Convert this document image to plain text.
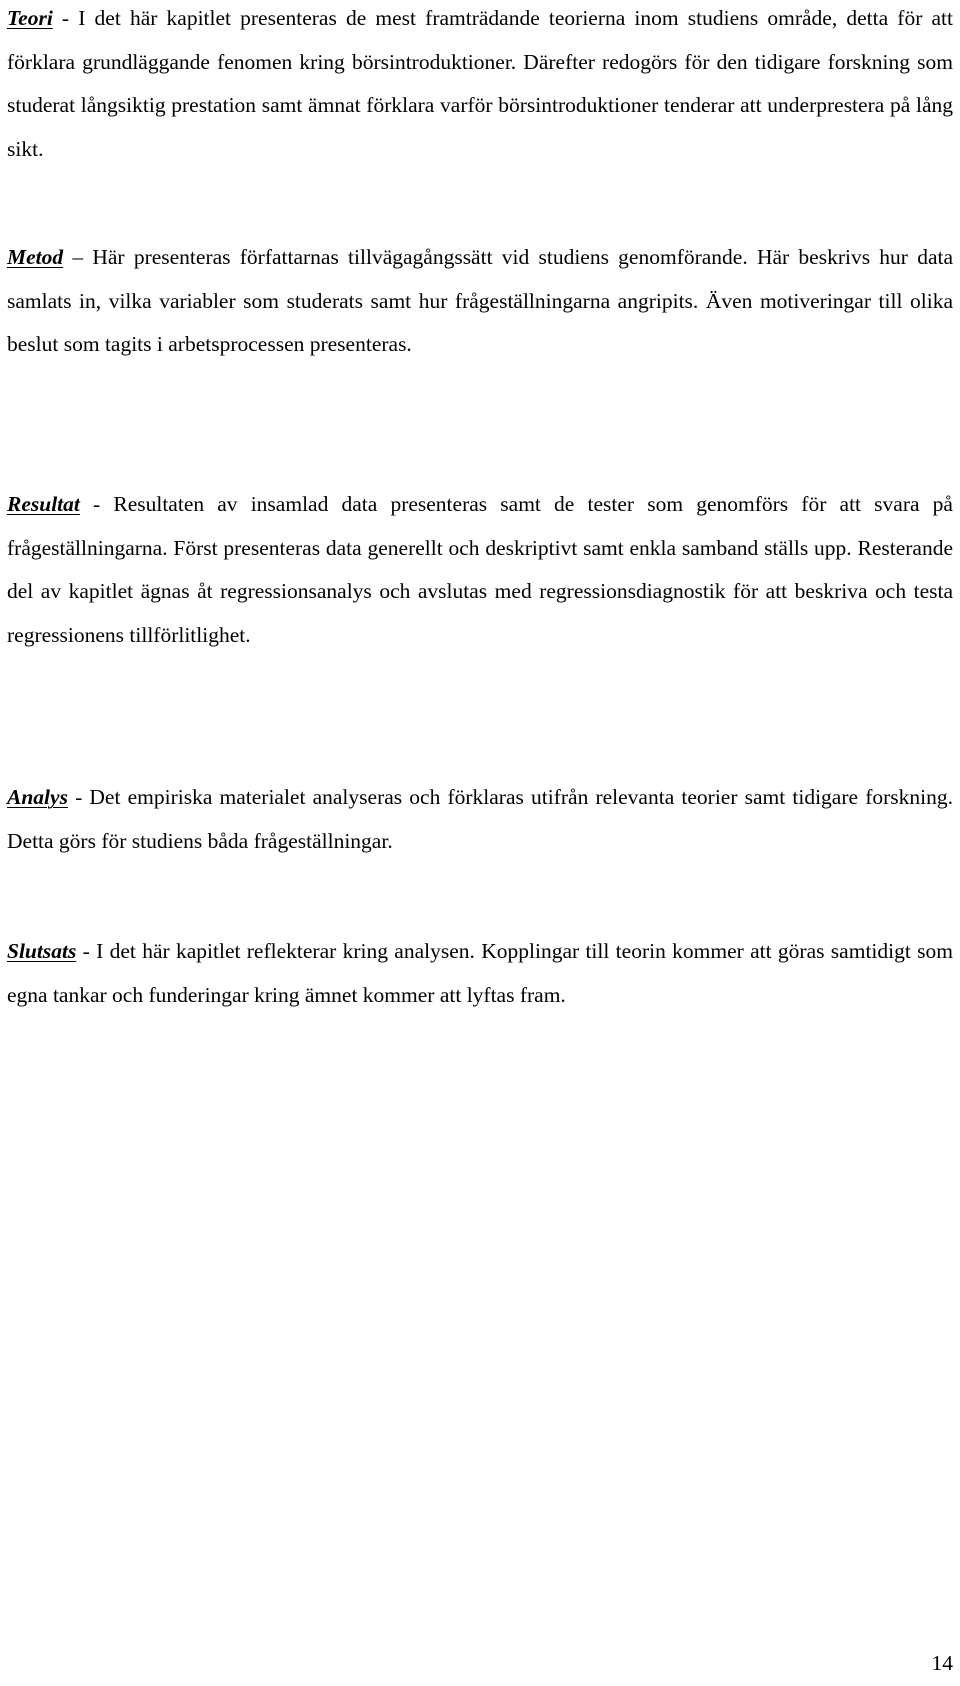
Teori - I det här kapitlet presenteras de mest framträdande teorierna inom studiens område, detta för att förklara grundläggande fenomen kring börsintroduktioner. Därefter redogörs för den tidigare forskning som studerat långsiktig prestation samt ämnat förklara varför börsintroduktioner tenderar att underprestera på lång sikt.

Metod – Här presenteras författarnas tillvägagångssätt vid studiens genomförande. Här beskrivs hur data samlats in, vilka variabler som studerats samt hur frågeställningarna angripits. Även motiveringar till olika beslut som tagits i arbetsprocessen presenteras.

Resultat - Resultaten av insamlad data presenteras samt de tester som genomförs för att svara på frågeställningarna. Först presenteras data generellt och deskriptivt samt enkla samband ställs upp. Resterande del av kapitlet ägnas åt regressionsanalys och avslutas med regressionsdiagnostik för att beskriva och testa regressionens tillförlitlighet.

Analys - Det empiriska materialet analyseras och förklaras utifrån relevanta teorier samt tidigare forskning. Detta görs för studiens båda frågeställningar.

Slutsats - I det här kapitlet reflekterar kring analysen. Kopplingar till teorin kommer att göras samtidigt som egna tankar och funderingar kring ämnet kommer att lyftas fram.

14
